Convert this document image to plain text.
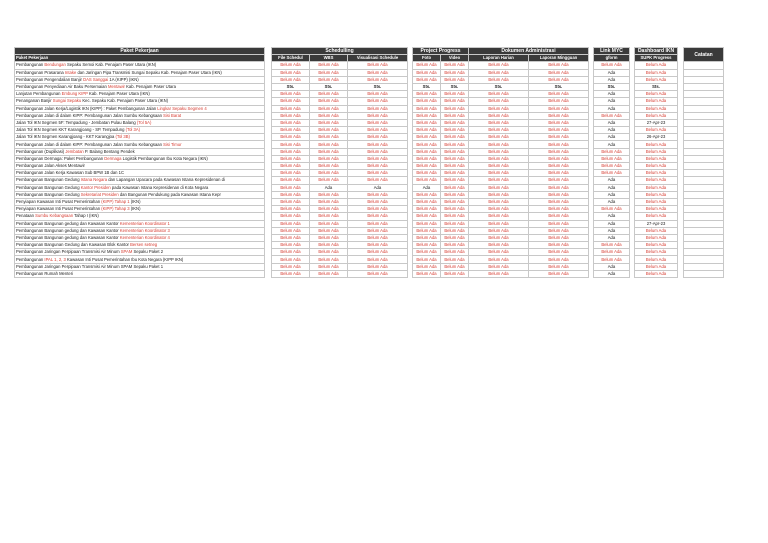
Paket Pekerjaan		Schedulling				Project Progress		Dokumen Administrasi			Link MYC		Dashboard IKN		Catatan
Paket Pekerjaan		File Schedul	WBS	Visualisasi Schedule		Foto	Video	Laporan Harian	Laporan Mingguan		gform		SUPK Progress		
Pembangunan Bendungan Sepaku Semoi Kab. Penajam Paser Utara (IKN)		Belum Ada	Belum Ada	Belum Ada		Belum Ada	Belum Ada	Belum Ada	Belum Ada		Belum Ada		Belum Ada		
Pembangunan Prasarana Intake dan Jaringan Pipa Transmisi Sungai Sepaku Kab. Penajam Paser Utara (IKN)		Belum Ada	Belum Ada	Belum Ada		Belum Ada	Belum Ada	Belum Ada	Belum Ada		Ada		Belum Ada		
Pembangunan Pengendalian Banjir DAS Sanggai 1A (KIPP) (IKN)		Belum Ada	Belum Ada	Belum Ada		Belum Ada	Belum Ada	Belum Ada	Belum Ada		Ada		Belum Ada		
Pembangunan Penyediaan Air Baku Persemaian Mentawir Kab. Penajam Paser Utara		Sts.	Sts.	Sts.		Sts.	Sts.	Sts.	Sts.		Sts.		Sts.		
Lanjutan Pembangunan Embung KIPP Kab. Penajam Paser Utara (IKN)		Belum Ada	Belum Ada	Belum Ada		Belum Ada	Belum Ada	Belum Ada	Belum Ada		Ada		Belum Ada		
Penanganan Banjir Sungai Sepaku Kec. Sepaku Kab. Penajam Paser Utara (IKN)		Belum Ada	Belum Ada	Belum Ada		Belum Ada	Belum Ada	Belum Ada	Belum Ada		Ada		Belum Ada		
Pembangunan Jalan Kerja/Logistik IKN (KIPP) : Paket Pembangunan Jalan Lingkar Sepaku Segmen 4		Belum Ada	Belum Ada	Belum Ada		Belum Ada	Belum Ada	Belum Ada	Belum Ada		Ada		Belum Ada		
Pembangunan Jalan di dalam KIPP: Pembangunan Jalan Sumbu Kebangsaan Sisi Barat		Belum Ada	Belum Ada	Belum Ada		Belum Ada	Belum Ada	Belum Ada	Belum Ada		Belum Ada		Belum Ada		
Jalan Tol IKN Segmen 5F: Tempadung - Jembatan Pulau Balang (Tol 5A)		Belum Ada	Belum Ada	Belum Ada		Belum Ada	Belum Ada	Belum Ada	Belum Ada		Ada		27-Apr-23		
Jalan Tol IKN Segmen KKT Karangjoang - SP. Tempadung (Tol 3A)		Belum Ada	Belum Ada	Belum Ada		Belum Ada	Belum Ada	Belum Ada	Belum Ada		Ada		Belum Ada		
Jalan Tol IKN Segmen Karangjoang - KKT Karangjoa (Tol 3B)		Belum Ada	Belum Ada	Belum Ada		Belum Ada	Belum Ada	Belum Ada	Belum Ada		Ada		26-Apr-23		
Pembangunan Jalan di dalam KIPP: Pembangunan Jalan Sumbu Kebangsaan Sisi Timur		Belum Ada	Belum Ada	Belum Ada		Belum Ada	Belum Ada	Belum Ada	Belum Ada		Ada		Belum Ada		
Pembangunan (Duplikasi) Jembatan P. Balang Bentang Pendek		Belum Ada	Belum Ada	Belum Ada		Belum Ada	Belum Ada	Belum Ada	Belum Ada		Belum Ada		Belum Ada		
Pembangunan Dermaga: Paket Pembangunan Dermaga Logistik Pembangunan Ibu Kota Negara (IKN)		Belum Ada	Belum Ada	Belum Ada		Belum Ada	Belum Ada	Belum Ada	Belum Ada		Belum Ada		Belum Ada		
Pembangunan Jalan Akses Mentawir		Belum Ada	Belum Ada	Belum Ada		Belum Ada	Belum Ada	Belum Ada	Belum Ada		Belum Ada		Belum Ada		
Pembangunan Jalan Kerja Kawasan Sub BPW 1B dan 1C		Belum Ada	Belum Ada	Belum Ada		Belum Ada	Belum Ada	Belum Ada	Belum Ada		Belum Ada		Belum Ada		
Pembangunan Bangunan Gedung Istana Negara dan Lapangan Upacara pada Kawasan Istana Kepresidenan di		Belum Ada	Belum Ada	Belum Ada		Belum Ada	Belum Ada	Belum Ada	Belum Ada		Ada		Belum Ada		
Pembangunan Bangunan Gedung Kantor Presiden pada Kawasan Istana Kepresidenan di Kota Negara		Belum Ada	Ada	Ada		Ada	Belum Ada	Belum Ada	Belum Ada		Ada		Belum Ada		
Pembangunan Bangunan Gedung Sekretariat Presiden dan Bangunan Pendukung pada Kawasan Istana Kepr		Belum Ada	Belum Ada	Belum Ada		Belum Ada	Belum Ada	Belum Ada	Belum Ada		Ada		Belum Ada		
Penyiapan Kawasan Inti Pusat Pemerintahan (KIPP) Tahap 1 (IKN)		Belum Ada	Belum Ada	Belum Ada		Belum Ada	Belum Ada	Belum Ada	Belum Ada		Ada		Belum Ada		
Penyiapan Kawasan Inti Pusat Pemerintahan (KIPP) Tahap 3 (IKN)		Belum Ada	Belum Ada	Belum Ada		Belum Ada	Belum Ada	Belum Ada	Belum Ada		Belum Ada		Belum Ada		
Penataan Sumbu Kebangsaan Tahap I (IKN)		Belum Ada	Belum Ada	Belum Ada		Belum Ada	Belum Ada	Belum Ada	Belum Ada		Ada		Belum Ada		
Pembangunan Bangunan gedung dan Kawasan Kantor Kementerian Koordinator 1		Belum Ada	Belum Ada	Belum Ada		Belum Ada	Belum Ada	Belum Ada	Belum Ada		Ada		27-Apr-23		
Pembangunan Bangunan gedung dan Kawasan Kantor Kementerian Koordinator 3		Belum Ada	Belum Ada	Belum Ada		Belum Ada	Belum Ada	Belum Ada	Belum Ada		Ada		Belum Ada		
Pembangunan Bangunan gedung dan Kawasan Kantor Kementerian Koordinator 4		Belum Ada	Belum Ada	Belum Ada		Belum Ada	Belum Ada	Belum Ada	Belum Ada		Ada		Belum Ada		
Pembangunan Bangunan Gedung dan Kawasan Blok Kantor Bersen setneg		Belum Ada	Belum Ada	Belum Ada		Belum Ada	Belum Ada	Belum Ada	Belum Ada		Belum Ada		Belum Ada		
Pembangunan Jaringan Perpipaan Transmisi Air Minum SPAM Sepaku Paket 2		Belum Ada	Belum Ada	Belum Ada		Belum Ada	Belum Ada	Belum Ada	Belum Ada		Belum Ada		Belum Ada		
Pembangunan IPAL 1, 2, 3 Kawasan Inti Pusat Pemerintahan Ibu Kota Negara (KIPP IKN)		Belum Ada	Belum Ada	Belum Ada		Belum Ada	Belum Ada	Belum Ada	Belum Ada		Belum Ada		Belum Ada		
Pembangunan Jaringan Perpipaan Transmisi Air Minum SPAM Sepaku Paket 1		Belum Ada	Belum Ada	Belum Ada		Belum Ada	Belum Ada	Belum Ada	Belum Ada		Ada		Belum Ada		
Pembangunan Rumah Menteri		Belum Ada	Belum Ada	Belum Ada		Belum Ada	Belum Ada	Belum Ada	Belum Ada		Ada		Belum Ada		
